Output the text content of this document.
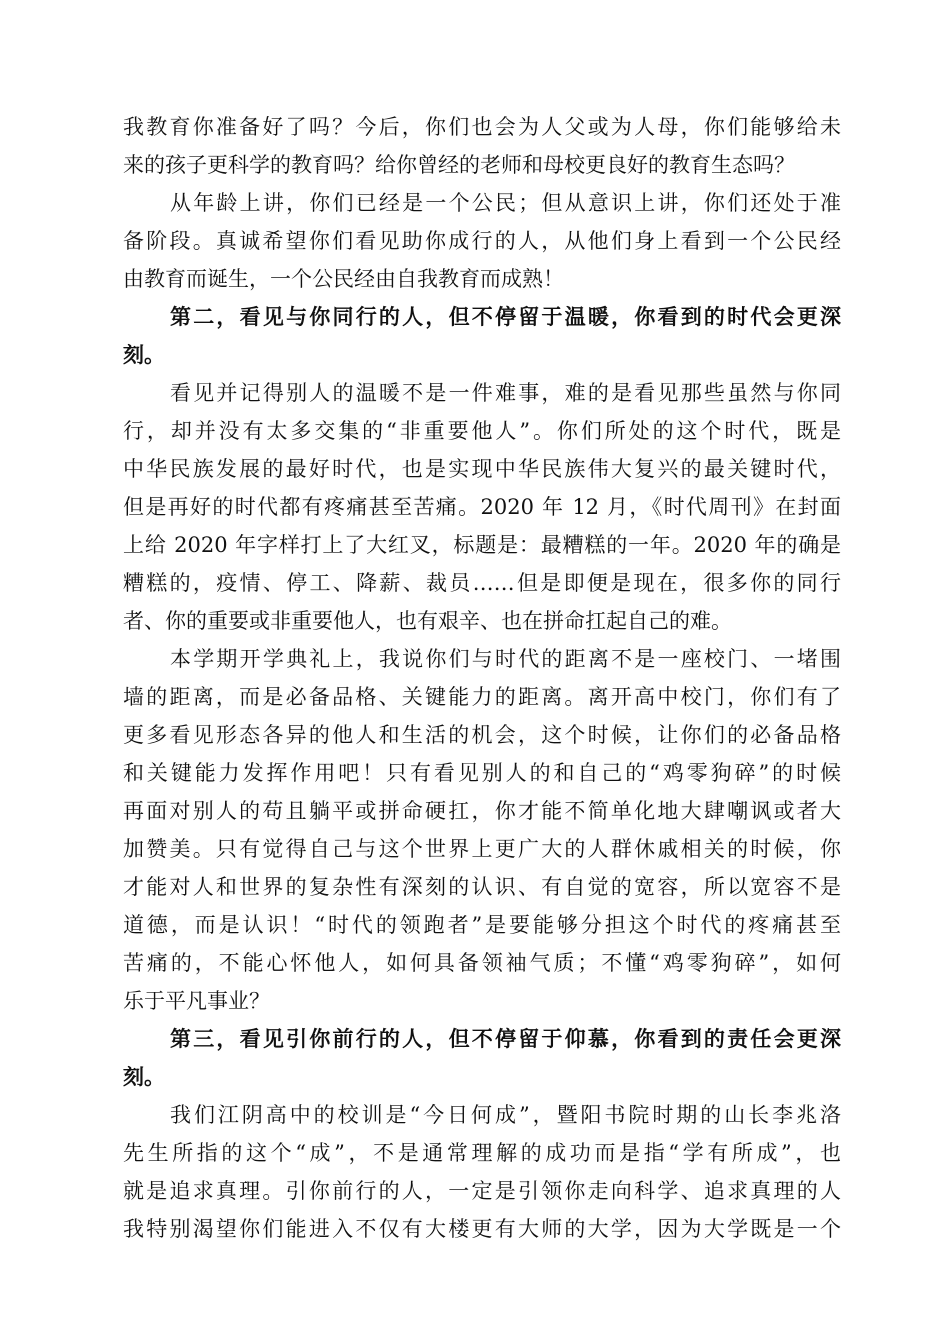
我教育你准备好了吗？今后，你们也会为人父或为人母，你们能够给未
来的孩子更科学的教育吗？给你曾经的老师和母校更良好的教育生态吗？
从年龄上讲，你们已经是一个公民；但从意识上讲，你们还处于准
备阶段。真诚希望你们看见助你成行的人，从他们身上看到一个公民经
由教育而诞生，一个公民经由自我教育而成熟！
第二，看见与你同行的人，但不停留于温暖，你看到的时代会更深
刻。
看见并记得别人的温暖不是一件难事，难的是看见那些虽然与你同
行，却并没有太多交集的“非重要他人”。你们所处的这个时代，既是
中华民族发展的最好时代，也是实现中华民族伟大复兴的最关键时代，
但是再好的时代都有疼痛甚至苦痛。2020 年 12 月，《时代周刊》在封面
上给 2020 年字样打上了大红叉，标题是：最糟糕的一年。2020 年的确是
糟糕的，疫情、停工、降薪、裁员……但是即便是现在，很多你的同行
者、你的重要或非重要他人，也有艰辛、也在拼命扛起自己的难。
本学期开学典礼上，我说你们与时代的距离不是一座校门、一堵围
墙的距离，而是必备品格、关键能力的距离。离开高中校门，你们有了
更多看见形态各异的他人和生活的机会，这个时候，让你们的必备品格
和关键能力发挥作用吧！只有看见别人的和自己的“鸡零狗碎”的时候
再面对别人的苟且躺平或拼命硬扛，你才能不简单化地大肆嘲讽或者大
加赞美。只有觉得自己与这个世界上更广大的人群休戚相关的时候，你
才能对人和世界的复杂性有深刻的认识、有自觉的宽容，所以宽容不是
道德，而是认识！“时代的领跑者”是要能够分担这个时代的疼痛甚至
苦痛的，不能心怀他人，如何具备领袖气质；不懂“鸡零狗碎”，如何
乐于平凡事业？
第三，看见引你前行的人，但不停留于仰慕，你看到的责任会更深
刻。
我们江阴高中的校训是“今日何成”，暨阳书院时期的山长李兆洛
先生所指的这个“成”，不是通常理解的成功而是指“学有所成”，也
就是追求真理。引你前行的人，一定是引领你走向科学、追求真理的人
我特别渴望你们能进入不仅有大楼更有大师的大学，因为大学既是一个
